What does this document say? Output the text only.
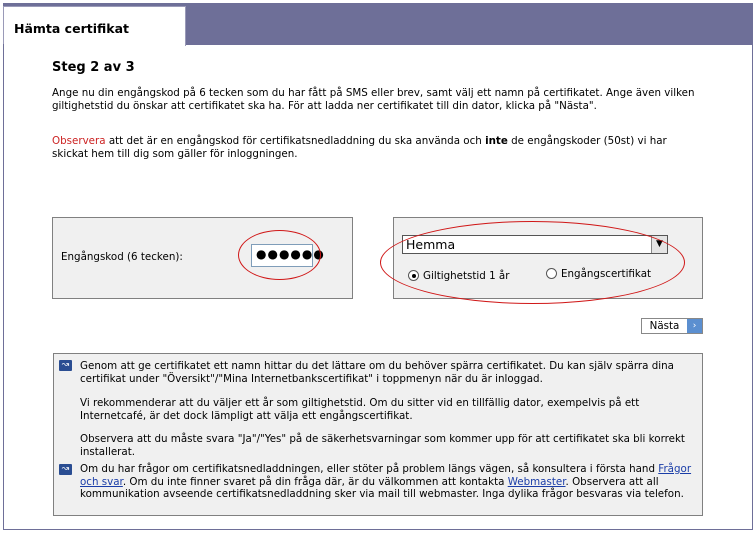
Hämta certifikat
Steg 2 av 3
Ange nu din engångskod på 6 tecken som du har fått på SMS eller brev, samt välj ett namn på certifikatet. Ange även vilken giltighetstid du önskar att certifikatet ska ha. För att ladda ner certifikatet till din dator, klicka på "Nästa".
Observera att det är en engångskod för certifikatsnedladdning du ska använda och inte de engångskoder (50st) vi har skickat hem till dig som gäller för inloggningen.
Engångskod (6 tecken):	●●●●●●
Hemma	▼
Giltighetstid 1 år	Engångscertifikat
Nästa	›
↝ Genom att ge certifikatet ett namn hittar du det lättare om du behöver spärra certifikatet. Du kan själv spärra dina certifikat under "Översikt"/"Mina Internetbankscertifikat" i toppmenyn när du är inloggad.
Vi rekommenderar att du väljer ett år som giltighetstid. Om du sitter vid en tillfällig dator, exempelvis på ett Internetcafé, är det dock lämpligt att välja ett engångscertifikat.
Observera att du måste svara "Ja"/"Yes" på de säkerhetsvarningar som kommer upp för att certifikatet ska bli korrekt installerat.
↝ Om du har frågor om certifikatsnedladdningen, eller stöter på problem längs vägen, så konsultera i första hand Frågor och svar. Om du inte finner svaret på din fråga där, är du välkommen att kontakta Webmaster. Observera att all kommunikation avseende certifikatsnedladdning sker via mail till webmaster. Inga dylika frågor besvaras via telefon.
